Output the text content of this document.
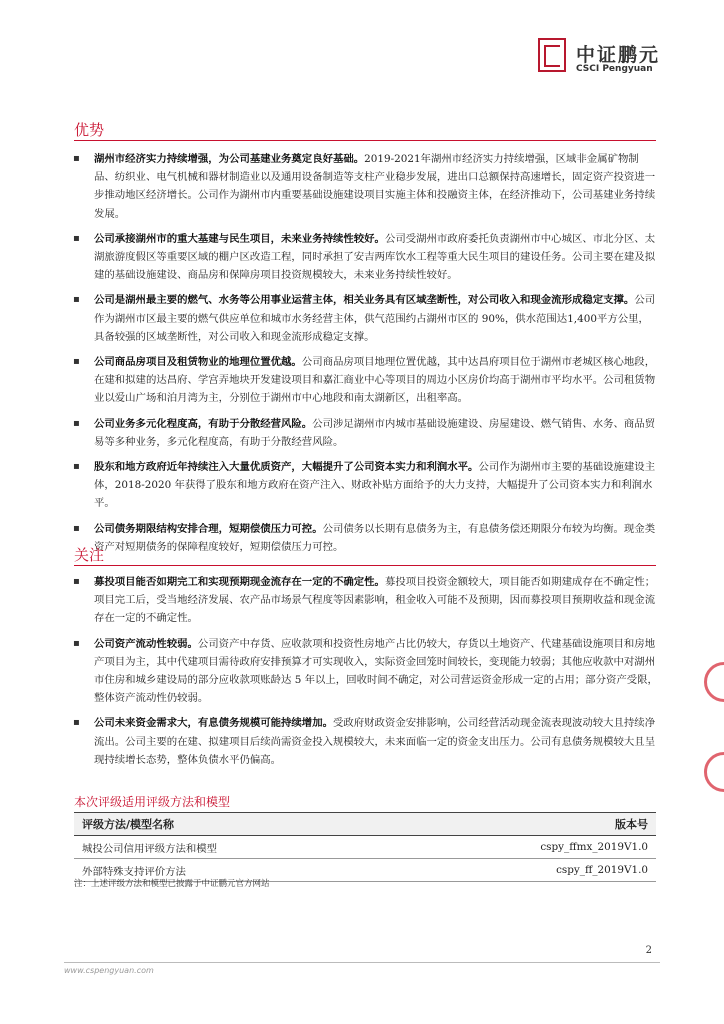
中证鹏元
CSCI Pengyuan
优势
▪ 湖州市经济实力持续增强，为公司基建业务奠定良好基础。2019-2021年湖州市经济实力持续增强，区域非金属矿物制品、纺织业、电气机械和器材制造业以及通用设备制造等支柱产业稳步发展，进出口总额保持高速增长，固定资产投资进一步推动地区经济增长。公司作为湖州市内重要基础设施建设项目实施主体和投融资主体，在经济推动下，公司基建业务持续发展。
▪ 公司承接湖州市的重大基建与民生项目，未来业务持续性较好。公司受湖州市政府委托负责湖州市中心城区、市北分区、太湖旅游度假区等重要区域的棚户区改造工程，同时承担了安吉两库饮水工程等重大民生项目的建设任务。公司主要在建及拟建的基础设施建设、商品房和保障房项目投资规模较大，未来业务持续性较好。
▪ 公司是湖州最主要的燃气、水务等公用事业运营主体，相关业务具有区域垄断性，对公司收入和现金流形成稳定支撑。公司作为湖州市区最主要的燃气供应单位和城市水务经营主体，供气范围约占湖州市区的 90%，供水范围达1,400平方公里，具备较强的区域垄断性，对公司收入和现金流形成稳定支撑。
▪ 公司商品房项目及租赁物业的地理位置优越。公司商品房项目地理位置优越，其中达昌府项目位于湖州市老城区核心地段，在建和拟建的达昌府、学宫弄地块开发建设项目和嘉汇商业中心等项目的周边小区房价均高于湖州市平均水平。公司租赁物业以爱山广场和泊月湾为主，分别位于湖州市中心地段和南太湖新区，出租率高。
▪ 公司业务多元化程度高，有助于分散经营风险。公司涉足湖州市内城市基础设施建设、房屋建设、燃气销售、水务、商品贸易等多种业务，多元化程度高，有助于分散经营风险。
▪ 股东和地方政府近年持续注入大量优质资产，大幅提升了公司资本实力和利润水平。公司作为湖州市主要的基础设施建设主体，2018-2020 年获得了股东和地方政府在资产注入、财政补贴方面给予的大力支持，大幅提升了公司资本实力和利润水平。
▪ 公司债务期限结构安排合理，短期偿债压力可控。公司债务以长期有息债务为主，有息债务偿还期限分布较为均衡。现金类资产对短期债务的保障程度较好，短期偿债压力可控。
关注
▪ 募投项目能否如期完工和实现预期现金流存在一定的不确定性。募投项目投资金额较大，项目能否如期建成存在不确定性；项目完工后，受当地经济发展、农产品市场景气程度等因素影响，租金收入可能不及预期，因而募投项目预期收益和现金流存在一定的不确定性。
▪ 公司资产流动性较弱。公司资产中存货、应收款项和投资性房地产占比仍较大，存货以土地资产、代建基础设施项目和房地产项目为主，其中代建项目需待政府安排预算才可实现收入，实际资金回笼时间较长，变现能力较弱；其他应收款中对湖州市住房和城乡建设局的部分应收款项账龄达 5 年以上，回收时间不确定，对公司营运资金形成一定的占用；部分资产受限，整体资产流动性仍较弱。
▪ 公司未来资金需求大，有息债务规模可能持续增加。受政府财政资金安排影响，公司经营活动现金流表现波动较大且持续净流出。公司主要的在建、拟建项目后续尚需资金投入规模较大，未来面临一定的资金支出压力。公司有息债务规模较大且呈现持续增长态势，整体负债水平仍偏高。
本次评级适用评级方法和模型
评级方法/模型名称	版本号
城投公司信用评级方法和模型	cspy_ffmx_2019V1.0
外部特殊支持评价方法	cspy_ff_2019V1.0
注：上述评级方法和模型已披露于中证鹏元官方网站
2
www.cspengyuan.com
